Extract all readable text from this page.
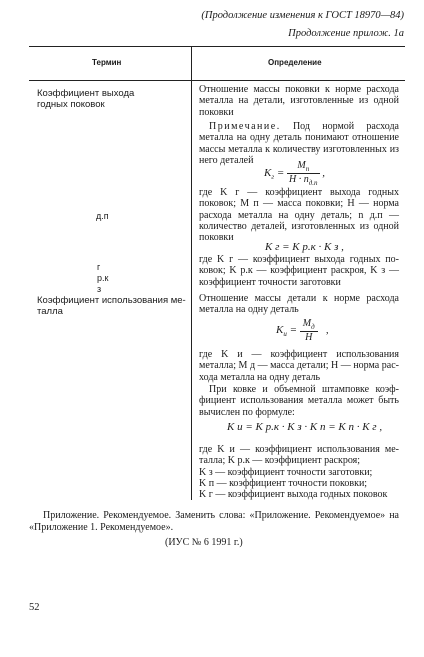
(Продолжение изменения к ГОСТ 18970—84)
Продолжение прилож. 1а
Термин	Определение
Коэффициент выхода
годных поковок
д.п
г
р.к
з
Коэффициент использования ме-
талла
Отношение массы поковки к норме расхода металла на детали, изготовленные из одной поковки
Примечание. Под нормой расхода металла на одну деталь понимают отношение массы металла к количеству изготовленных из него деталей
$K_г = \frac{M_п}{H \cdot n_{д.п}}$ ,
где K г — коэффициент выхода годных поковок; M п — масса поковки; H — норма расхода металла на одну деталь; n д.п — количество деталей, изготовленных из одной поковки
K г = K р.к · K з ,
где K г — коэффициент выхода годных поковок; K р.к — коэффициент раскроя, K з — коэффициент точности заготовки
Отношение массы детали к норме расхода металла на одну деталь
$K_и = \frac{M_д}{H}$ ,
где K и — коэффициент использования металла; M д — масса детали; H — норма расхода металла на одну деталь
При ковке и объемной штамповке коэффициент использования металла может быть вычислен по формуле:
K и = K р.к · K з · K п = K п · K г ,
где K и — коэффициент использования металла; K р.к — коэффициент раскроя;
K з — коэффициент точности заготовки;
K п — коэффициент точности поковки;
K г — коэффициент выхода годных поковок
Приложение. Рекомендуемое. Заменить слова: «Приложение. Рекомендуемое» на «Приложение 1. Рекомендуемое».
(ИУС № 6 1991 г.)
52
